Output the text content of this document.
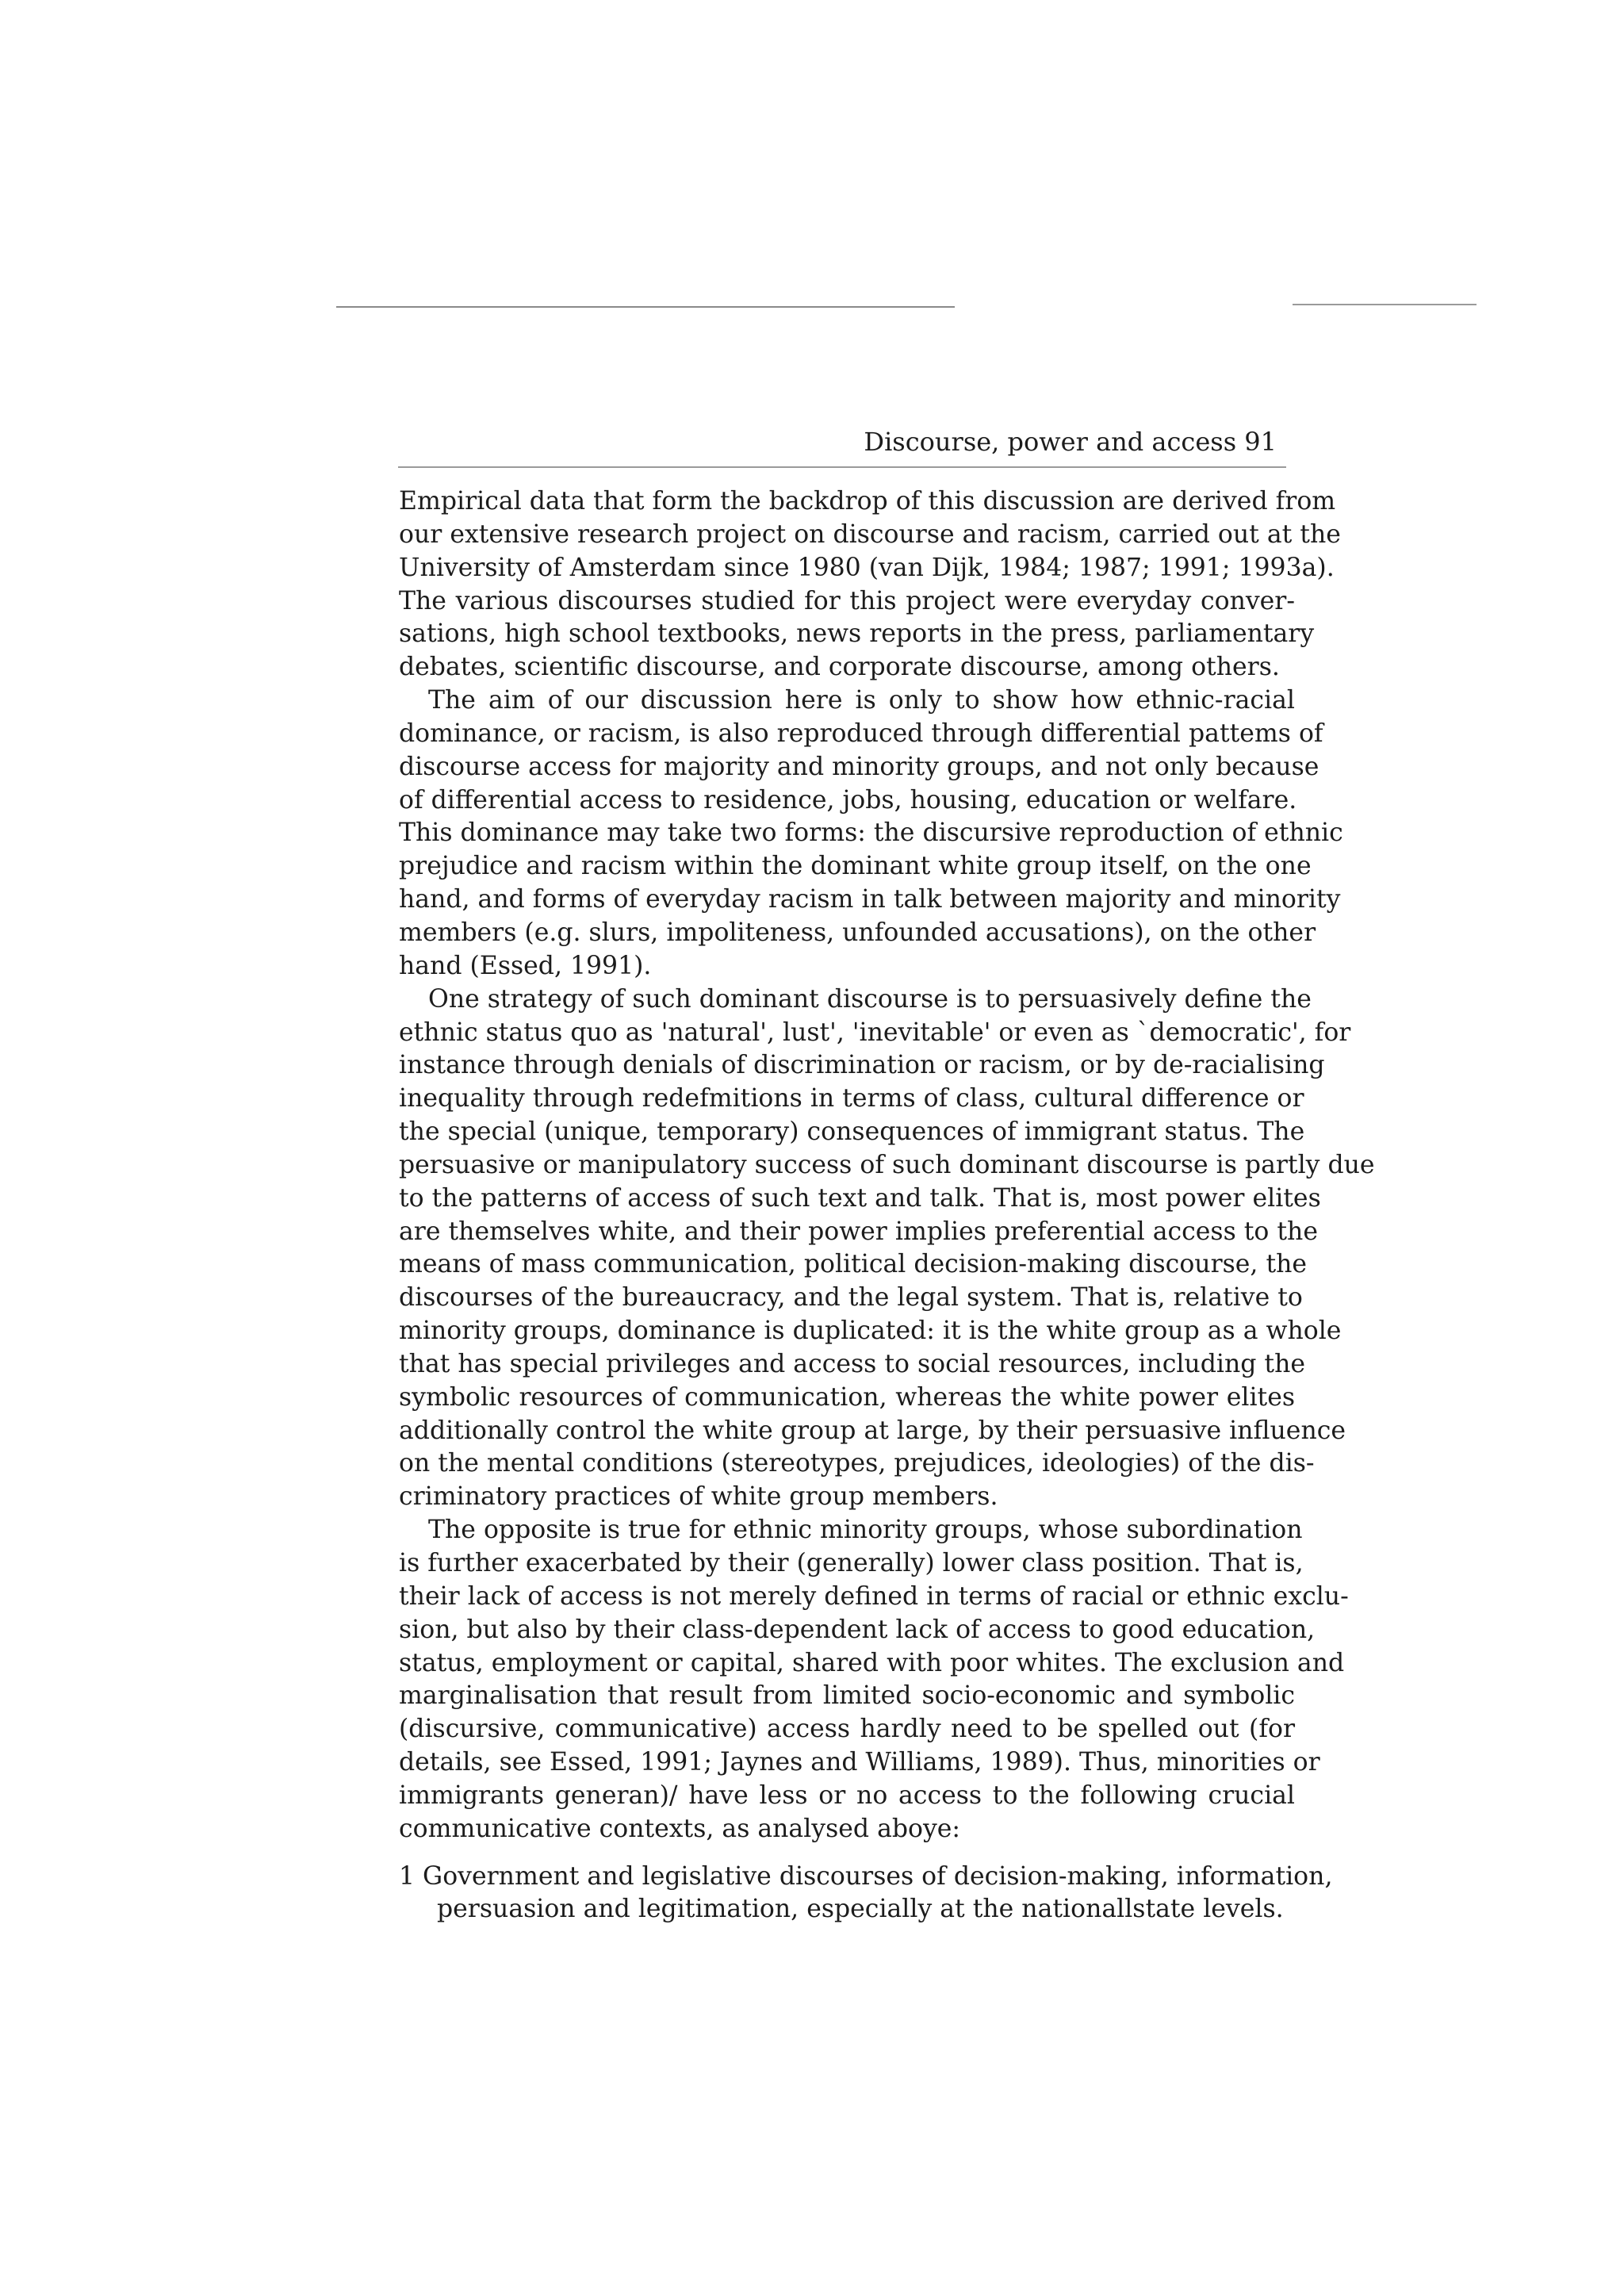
Discourse, power and access 91
Empirical data that form the backdrop of this discussion are derived from
our extensive research project on discourse and racism, carried out at the
University of Amsterdam since 1980 (van Dijk, 1984; 1987; 1991; 1993a).
The various discourses studied for this project were everyday conver-
sations, high school textbooks, news reports in the press, parliamentary
debates, scientific discourse, and corporate discourse, among others.
The aim of our discussion here is only to show how ethnic-racial
dominance, or racism, is also reproduced through differential pattems of
discourse access for majority and minority groups, and not only because
of differential access to residence, jobs, housing, education or welfare.
This dominance may take two forms: the discursive reproduction of ethnic
prejudice and racism within the dominant white group itself, on the one
hand, and forms of everyday racism in talk between majority and minority
members (e.g. slurs, impoliteness, unfounded accusations), on the other
hand (Essed, 1991).
One strategy of such dominant discourse is to persuasively define the
ethnic status quo as 'natural', lust', 'inevitable' or even as `democratic', for
instance through denials of discrimination or racism, or by de-racialising
inequality through redefmitions in terms of class, cultural difference or
the special (unique, temporary) consequences of immigrant status. The
persuasive or manipulatory success of such dominant discourse is partly due
to the patterns of access of such text and talk. That is, most power elites
are themselves white, and their power implies preferential access to the
means of mass communication, political decision-making discourse, the
discourses of the bureaucracy, and the legal system. That is, relative to
minority groups, dominance is duplicated: it is the white group as a whole
that has special privileges and access to social resources, including the
symbolic resources of communication, whereas the white power elites
additionally control the white group at large, by their persuasive influence
on the mental conditions (stereotypes, prejudices, ideologies) of the dis-
criminatory practices of white group members.
The opposite is true for ethnic minority groups, whose subordination
is further exacerbated by their (generally) lower class position. That is,
their lack of access is not merely defined in terms of racial or ethnic exclu-
sion, but also by their class-dependent lack of access to good education,
status, employment or capital, shared with poor whites. The exclusion and
marginalisation that result from limited socio-economic and symbolic
(discursive, communicative) access hardly need to be spelled out (for
details, see Essed, 1991; Jaynes and Williams, 1989). Thus, minorities or
immigrants generan)/ have less or no access to the following crucial
communicative contexts, as analysed aboye:
1 Government and legislative discourses of decision-making, information,
persuasion and legitimation, especially at the nationallstate levels.
